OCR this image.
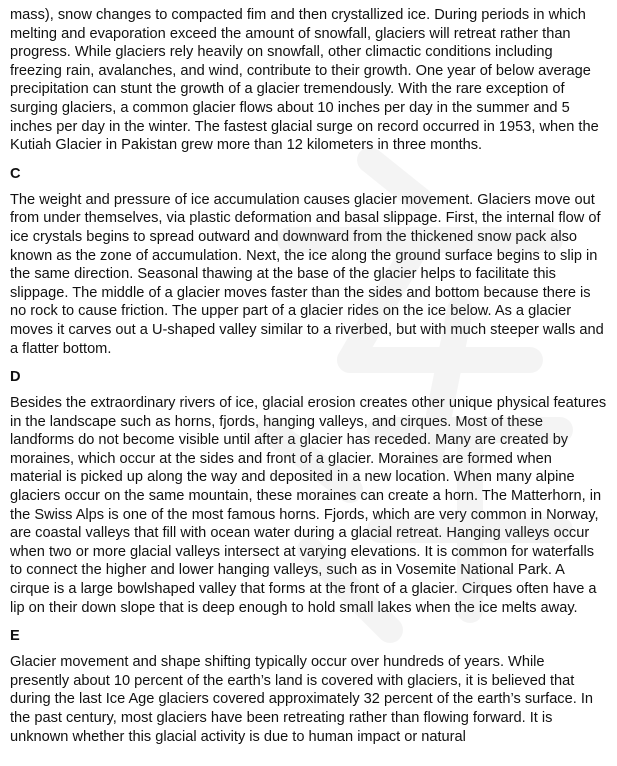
mass), snow changes to compacted fim and then crystallized ice. During periods in which melting and evaporation exceed the amount of snowfall, glaciers will retreat rather than progress. While glaciers rely heavily on snowfall, other climactic conditions including freezing rain, avalanches, and wind, contribute to their growth. One year of below average precipitation can stunt the growth of a glacier tremendously. With the rare exception of surging glaciers, a common glacier flows about 10 inches per day in the summer and 5 inches per day in the winter. The fastest glacial surge on record occurred in 1953, when the Kutiah Glacier in Pakistan grew more than 12 kilometers in three months.

C

The weight and pressure of ice accumulation causes glacier movement. Glaciers move out from under themselves, via plastic deformation and basal slippage. First, the internal flow of ice crystals begins to spread outward and downward from the thickened snow pack also known as the zone of accumulation. Next, the ice along the ground surface begins to slip in the same direction. Seasonal thawing at the base of the glacier helps to facilitate this slippage. The middle of a glacier moves faster than the sides and bottom because there is no rock to cause friction. The upper part of a glacier rides on the ice below. As a glacier moves it carves out a U-shaped valley similar to a riverbed, but with much steeper walls and a flatter bottom.

D

Besides the extraordinary rivers of ice, glacial erosion creates other unique physical features in the landscape such as horns, fjords, hanging valleys, and cirques. Most of these landforms do not become visible until after a glacier has receded. Many are created by moraines, which occur at the sides and front of a glacier. Moraines are formed when material is picked up along the way and deposited in a new location. When many alpine glaciers occur on the same mountain, these moraines can create a horn. The Matterhorn, in the Swiss Alps is one of the most famous horns. Fjords, which are very common in Norway, are coastal valleys that fill with ocean water during a glacial retreat. Hanging valleys occur when two or more glacial valleys intersect at varying elevations. It is common for waterfalls to connect the higher and lower hanging valleys, such as in Vosemite National Park. A cirque is a large bowlshaped valley that forms at the front of a glacier. Cirques often have a lip on their down slope that is deep enough to hold small lakes when the ice melts away.

E

Glacier movement and shape shifting typically occur over hundreds of years. While presently about 10 percent of the earth’s land is covered with glaciers, it is believed that during the last Ice Age glaciers covered approximately 32 percent of the earth’s surface. In the past century, most glaciers have been retreating rather than flowing forward. It is unknown whether this glacial activity is due to human impact or natural
